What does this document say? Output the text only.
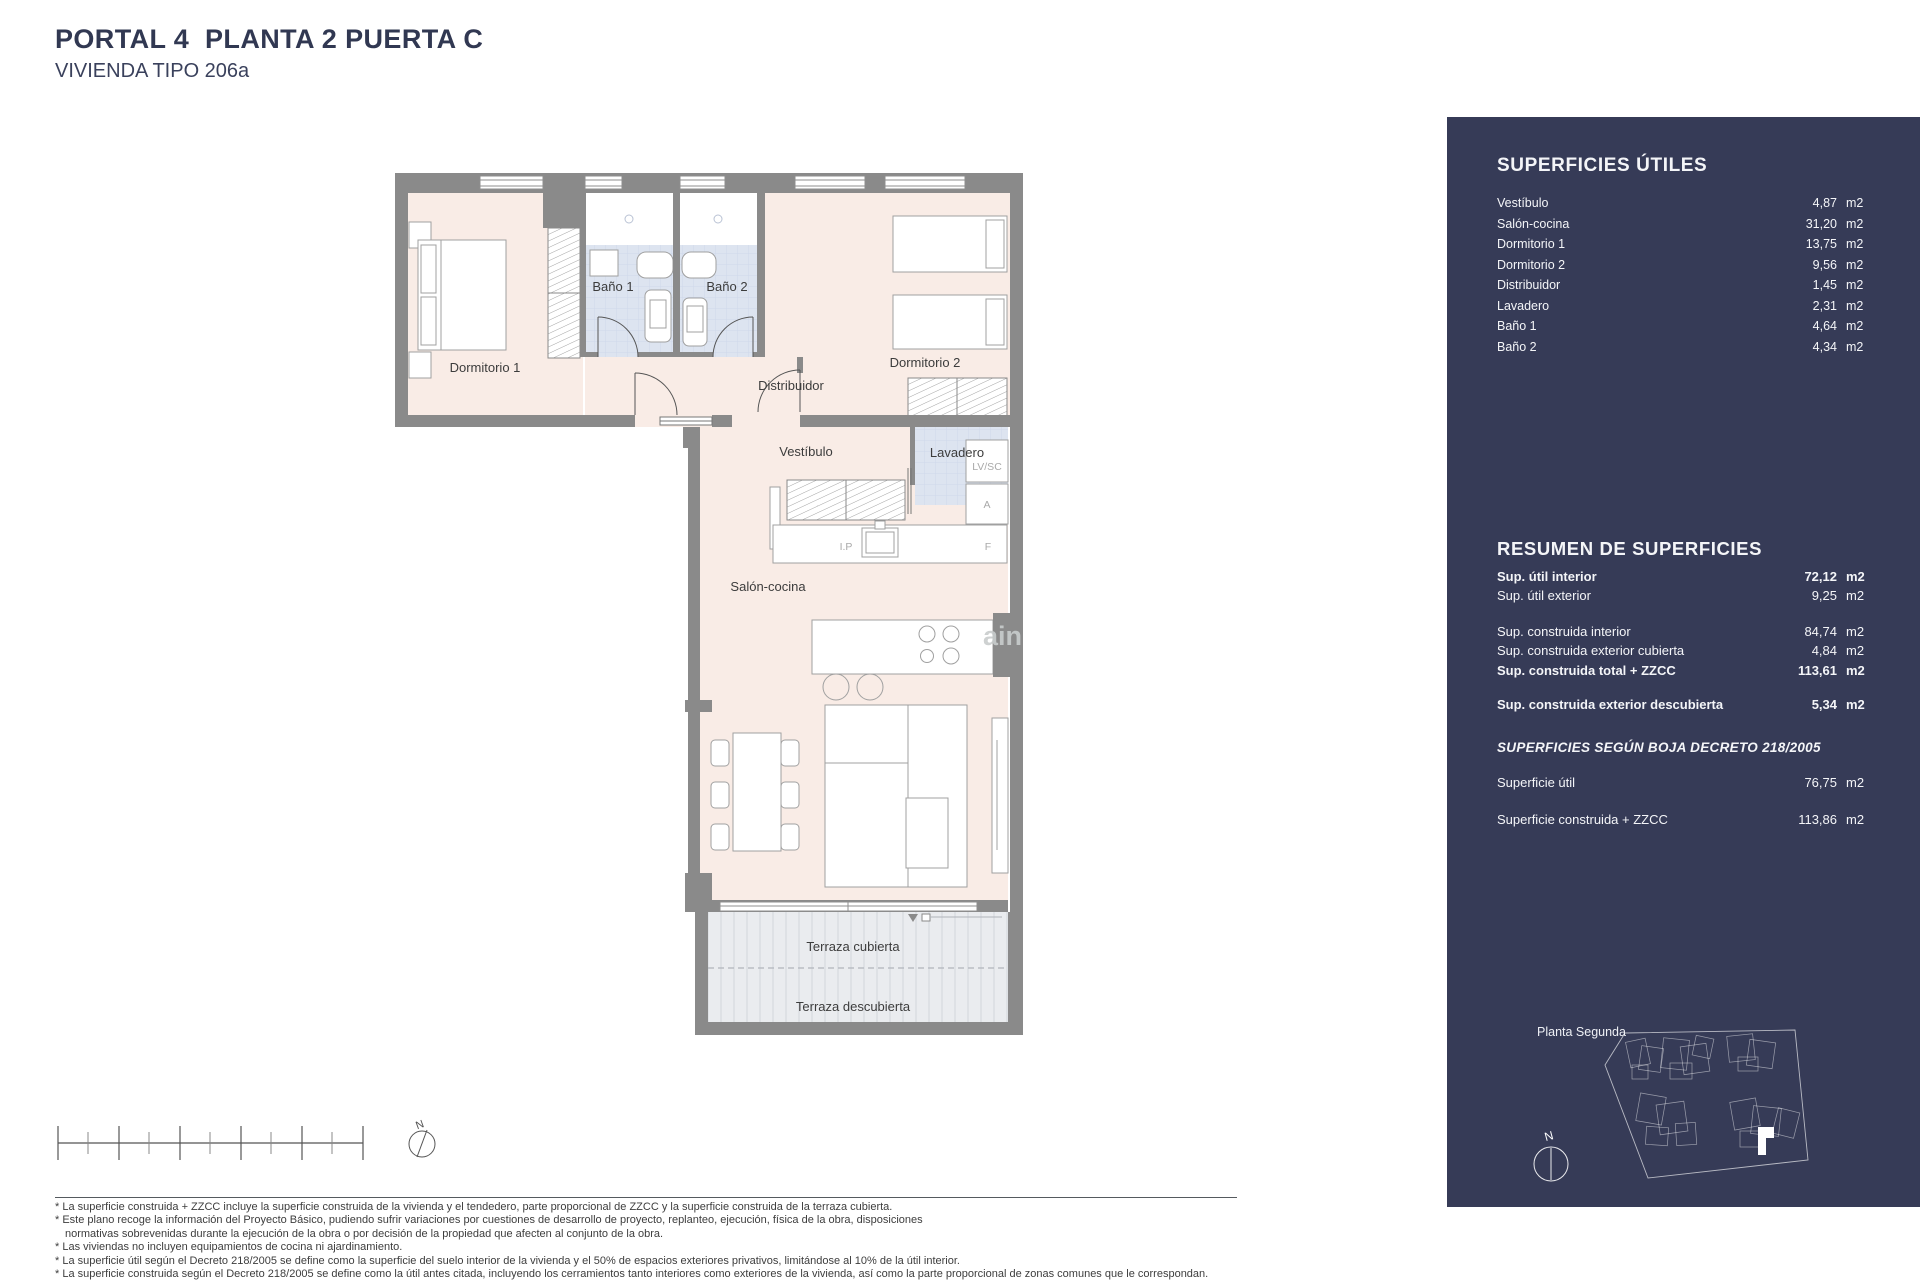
PORTAL 4  PLANTA 2 PUERTA C
VIVIENDA TIPO 206a
Dormitorio 1
Baño 1	Baño 2
Dormitorio 2
Distribuidor
Vestíbulo	Lavadero
Salón-cocina
Terraza cubierta
Terraza descubierta
LV/SC
A
I.P	F
ain
N
SUPERFICIES ÚTILES
Vestíbulo	4,87 m2
Salón-cocina	31,20 m2
Dormitorio 1	13,75 m2
Dormitorio 2	9,56 m2
Distribuidor	1,45 m2
Lavadero	2,31 m2
Baño 1	4,64 m2
Baño 2	4,34 m2
RESUMEN DE SUPERFICIES
Sup. útil interior	72,12 m2
Sup. útil exterior	9,25 m2
Sup. construida interior	84,74 m2
Sup. construida exterior cubierta	4,84 m2
Sup. construida total + ZZCC	113,61 m2
Sup. construida exterior descubierta	5,34 m2
SUPERFICIES SEGÚN BOJA DECRETO 218/2005
Superficie útil	76,75 m2
Superficie construida + ZZCC	113,86 m2
Planta Segunda
N
* La superficie construida + ZZCC incluye la superficie construida de la vivienda y el tendedero, parte proporcional de ZZCC y la superficie construida de la terraza cubierta.
* Este plano recoge la información del Proyecto Básico, pudiendo sufrir variaciones por cuestiones de desarrollo de proyecto, replanteo, ejecución, física de la obra, disposiciones
normativas sobrevenidas durante la ejecución de la obra o por decisión de la propiedad que afecten al conjunto de la obra.
* Las viviendas no incluyen equipamientos de cocina ni ajardinamiento.
* La superficie útil según el Decreto 218/2005 se define como la superficie del suelo interior de la vivienda y el 50% de espacios exteriores privativos, limitándose al 10% de la útil interior.
* La superficie construida según el Decreto 218/2005 se define como la útil antes citada, incluyendo los cerramientos tanto interiores como exteriores de la vivienda, así como la parte proporcional de zonas comunes que le correspondan.
